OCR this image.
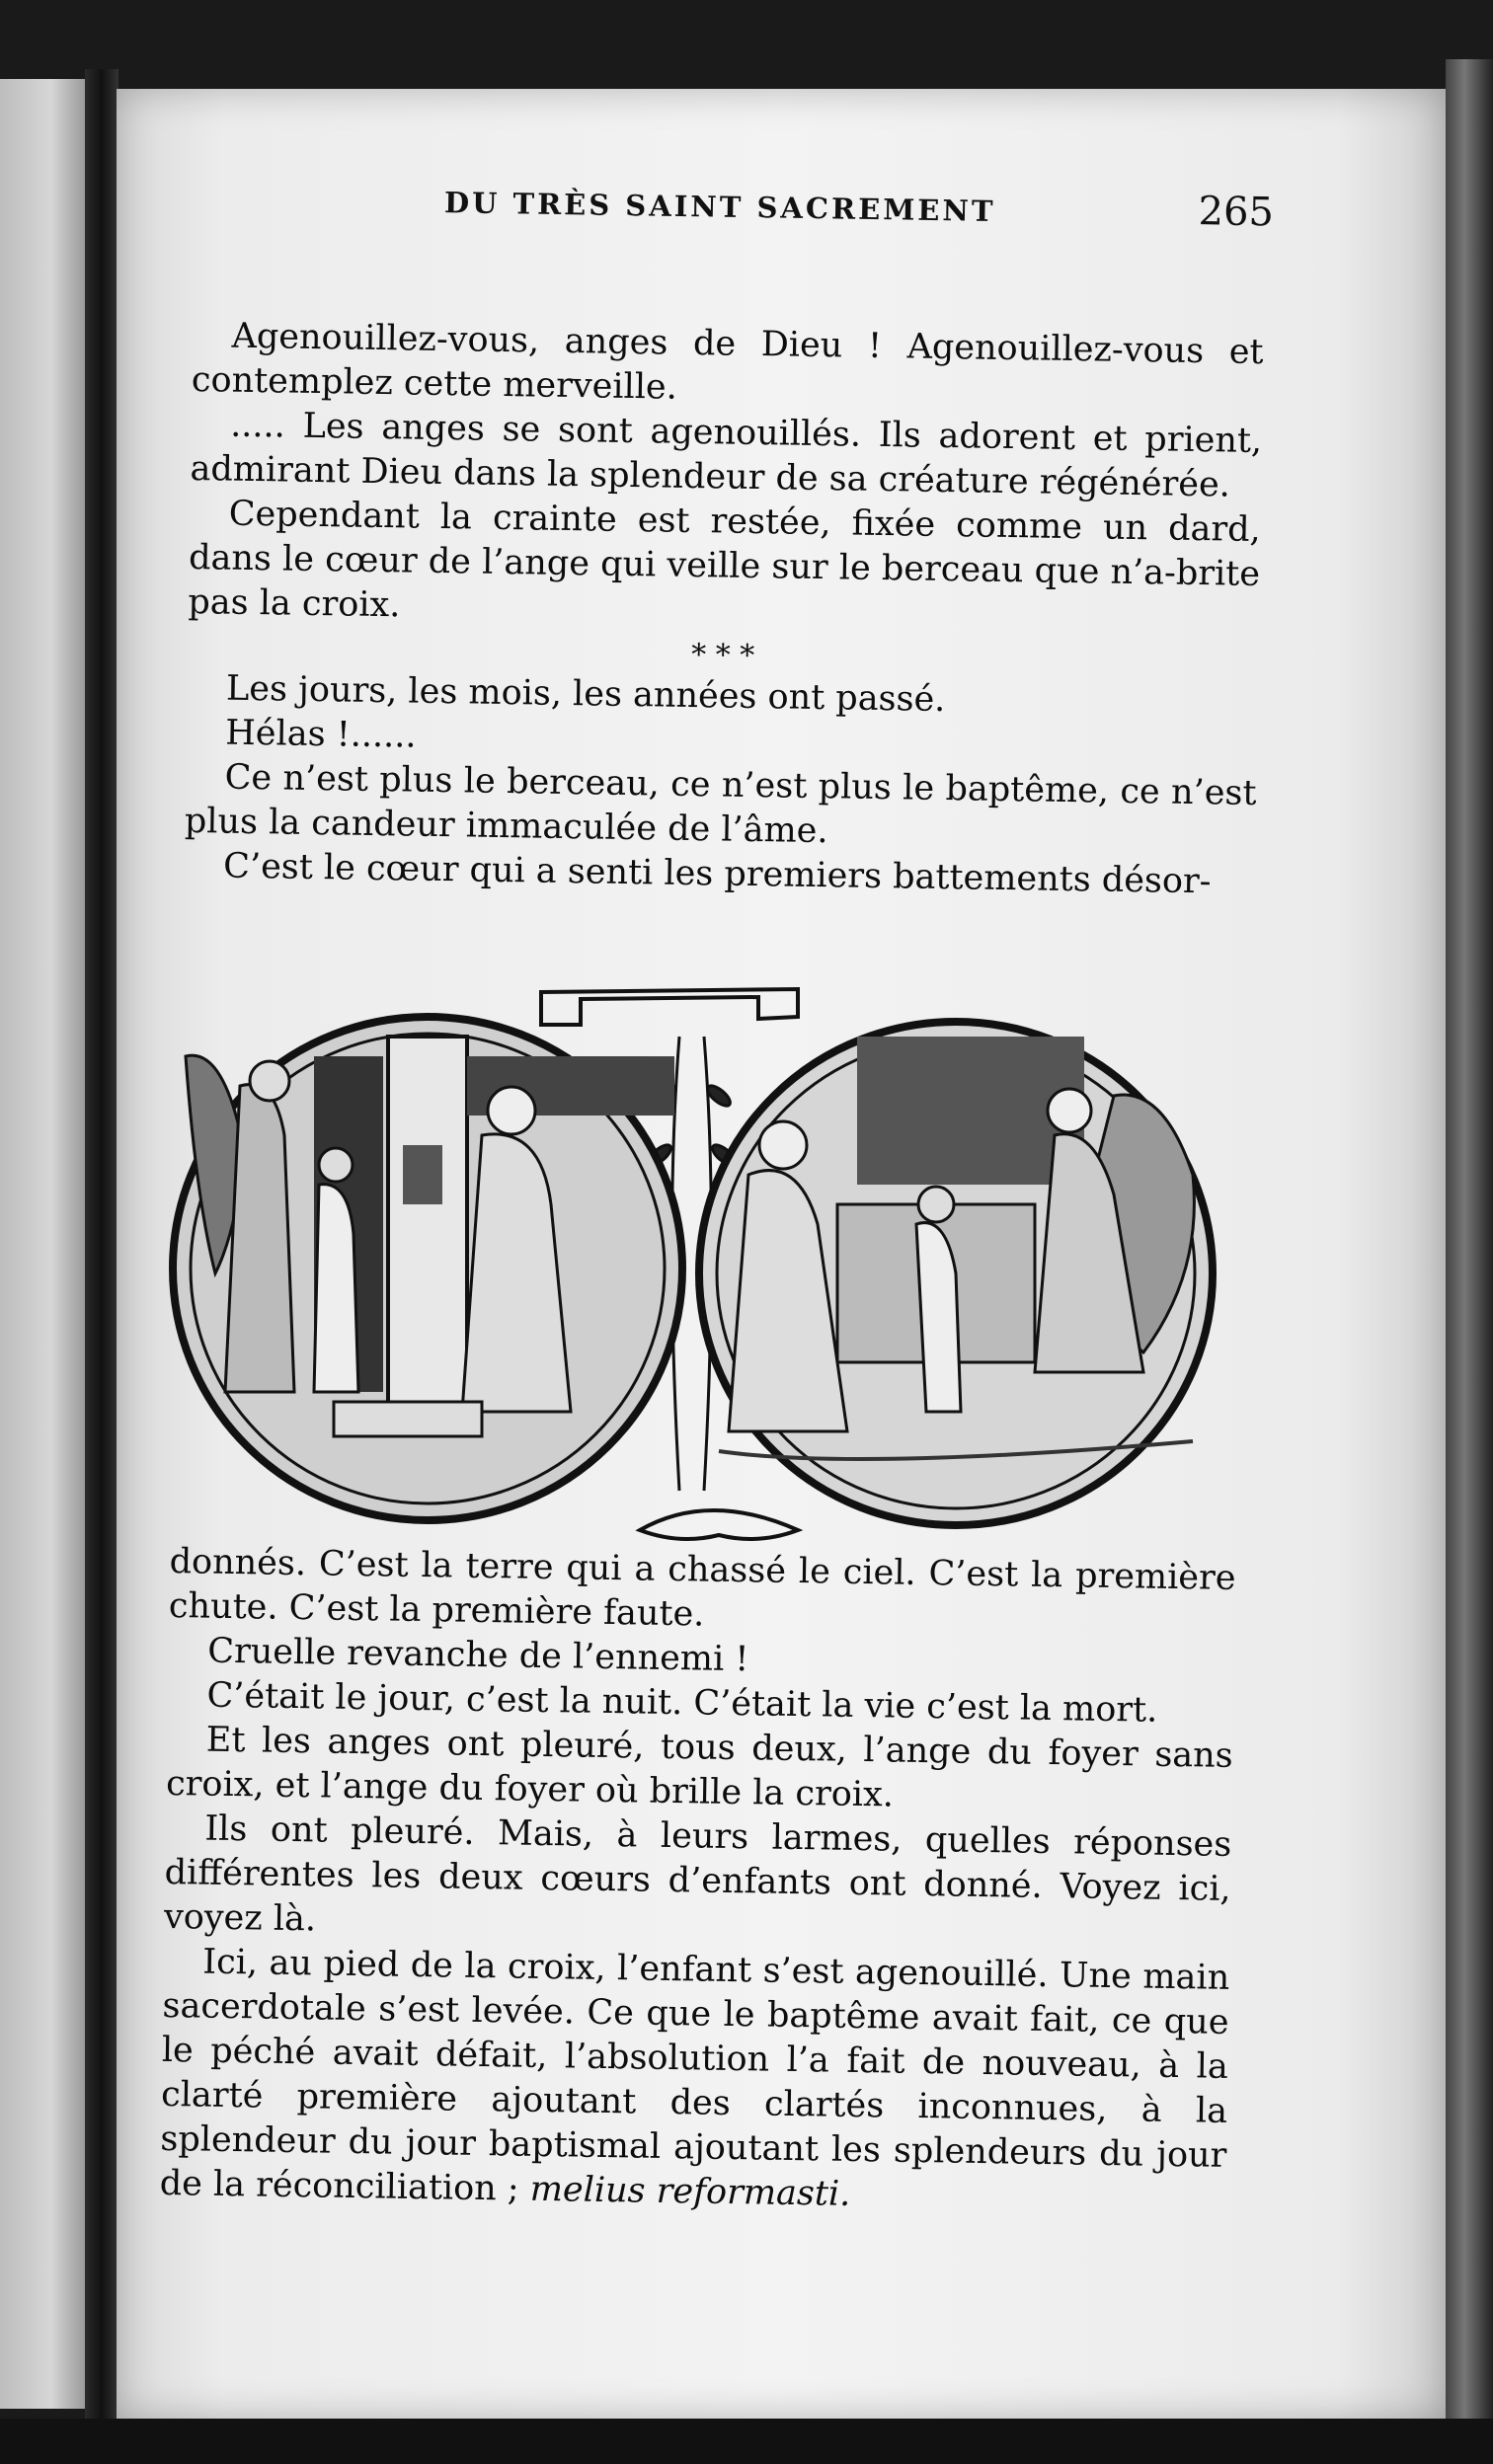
DU TRÈS SAINT SACREMENT	265

Agenouillez-vous, anges de Dieu ! Agenouillez-vous et contemplez cette merveille.

..... Les anges se sont agenouillés. Ils adorent et prient, admirant Dieu dans la splendeur de sa créature régénérée.

Cependant la crainte est restée, fixée comme un dard, dans le cœur de l’ange qui veille sur le berceau que n’a-brite pas la croix.

* * *

Les jours, les mois, les années ont passé.

Hélas !......

Ce n’est plus le berceau, ce n’est plus le baptême, ce n’est plus la candeur immaculée de l’âme.

C’est le cœur qui a senti les premiers battements désor-

donnés. C’est la terre qui a chassé le ciel. C’est la première chute. C’est la première faute.

Cruelle revanche de l’ennemi !

C’était le jour, c’est la nuit. C’était la vie c’est la mort.

Et les anges ont pleuré, tous deux, l’ange du foyer sans croix, et l’ange du foyer où brille la croix.

Ils ont pleuré. Mais, à leurs larmes, quelles réponses différentes les deux cœurs d’enfants ont donné. Voyez ici, voyez là.

Ici, au pied de la croix, l’enfant s’est agenouillé. Une main sacerdotale s’est levée. Ce que le baptême avait fait, ce que le péché avait défait, l’absolution l’a fait de nouveau, à la clarté première ajoutant des clartés inconnues, à la splendeur du jour baptismal ajoutant les splendeurs du jour de la réconciliation ; melius reformasti.
